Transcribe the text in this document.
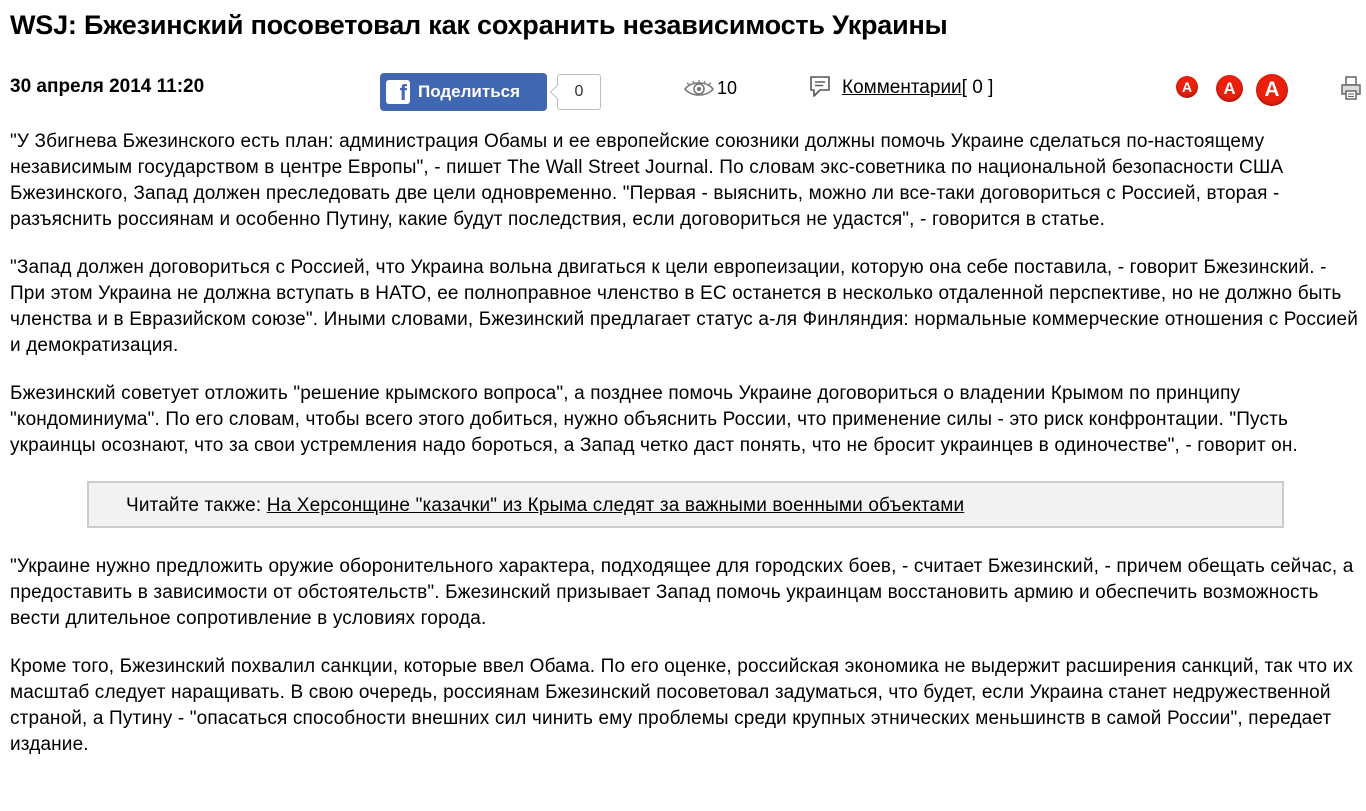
WSJ: Бжезинский посоветовал как сохранить независимость Украины
30 апреля 2014 11:20	f Поделиться	0	10	Комментарии [ 0 ]	A	A	A

"У Збигнева Бжезинского есть план: администрация Обамы и ее европейские союзники должны помочь Украине сделаться по-настоящему независимым государством в центре Европы", - пишет The Wall Street Journal. По словам экс-советника по национальной безопасности США Бжезинского, Запад должен преследовать две цели одновременно. "Первая - выяснить, можно ли все-таки договориться с Россией, вторая - разъяснить россиянам и особенно Путину, какие будут последствия, если договориться не удастся", - говорится в статье.

"Запад должен договориться с Россией, что Украина вольна двигаться к цели европеизации, которую она себе поставила, - говорит Бжезинский. - При этом Украина не должна вступать в НАТО, ее полноправное членство в ЕС останется в несколько отдаленной перспективе, но не должно быть членства и в Евразийском союзе". Иными словами, Бжезинский предлагает статус а-ля Финляндия: нормальные коммерческие отношения с Россией и демократизация.

Бжезинский советует отложить "решение крымского вопроса", а позднее помочь Украине договориться о владении Крымом по принципу "кондоминиума". По его словам, чтобы всего этого добиться, нужно объяснить России, что применение силы - это риск конфронтации. "Пусть украинцы осознают, что за свои устремления надо бороться, а Запад четко даст понять, что не бросит украинцев в одиночестве", - говорит он.

Читайте также: На Херсонщине "казачки" из Крыма следят за важными военными объектами

"Украине нужно предложить оружие оборонительного характера, подходящее для городских боев, - считает Бжезинский, - причем обещать сейчас, а предоставить в зависимости от обстоятельств". Бжезинский призывает Запад помочь украинцам восстановить армию и обеспечить возможность вести длительное сопротивление в условиях города.

Кроме того, Бжезинский похвалил санкции, которые ввел Обама. По его оценке, российская экономика не выдержит расширения санкций, так что их масштаб следует наращивать. В свою очередь, россиянам Бжезинский посоветовал задуматься, что будет, если Украина станет недружественной страной, а Путину - "опасаться способности внешних сил чинить ему проблемы среди крупных этнических меньшинств в самой России", передает издание.
